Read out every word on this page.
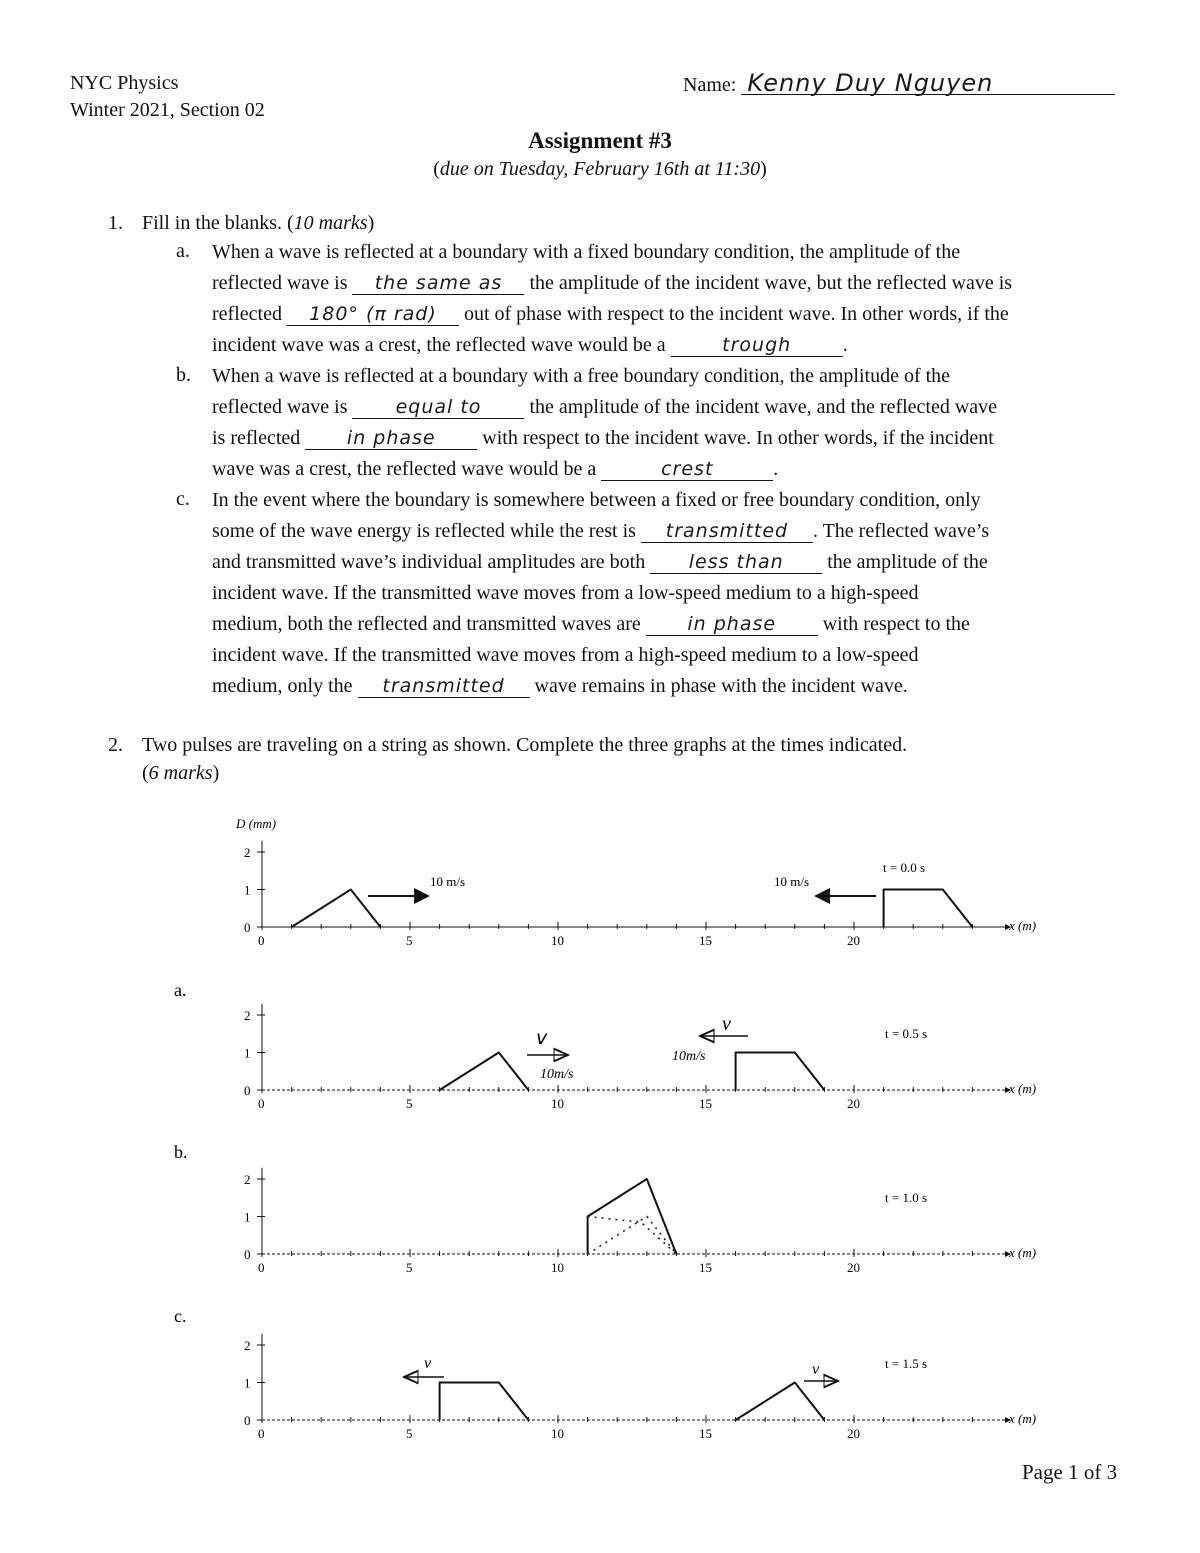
NYC Physics
Winter 2021, Section 02
Name: Kenny Duy Nguyen
Assignment #3
(due on Tuesday, February 16th at 11:30)
1. Fill in the blanks. (10 marks)
a. When a wave is reflected at a boundary with a fixed boundary condition, the amplitude of the
reflected wave is the same as the amplitude of the incident wave, but the reflected wave is
reflected 180° (π rad) out of phase with respect to the incident wave. In other words, if the
incident wave was a crest, the reflected wave would be a	trough	.
b. When a wave is reflected at a boundary with a free boundary condition, the amplitude of the
reflected wave is	equal to the amplitude of the incident wave, and the reflected wave
is reflected in phase with respect to the incident wave. In other words, if the incident
wave was a crest, the reflected wave would be a	crest	.
c. In the event where the boundary is somewhere between a fixed or free boundary condition, only
some of the wave energy is reflected while the rest is transmitted . The reflected wave’s
and transmitted wave’s individual amplitudes are both less than the amplitude of the
incident wave. If the transmitted wave moves from a low-speed medium to a high-speed
medium, both the reflected and transmitted waves are in phase with respect to the
incident wave. If the transmitted wave moves from a high-speed medium to a low-speed
medium, only the transmitted wave remains in phase with the incident wave.
2. Two pulses are traveling on a string as shown. Complete the three graphs at the times indicated.
(6 marks)
0
1
2
0	5	10	15	20
x (m)
0
1
2
0	5	10	15	20
x (m)
0
1
2
0	5	10	15	20
x (m)
0
1
2
0	5	10	15	20
x (m)
D (mm)
t = 0.0 s
10 m/s	10 m/s
a.
t = 0.5 s
v
10m/s
v
10m/s
b.
t = 1.0 s
c.
t = 1.5 s
v	v
Page 1 of 3
